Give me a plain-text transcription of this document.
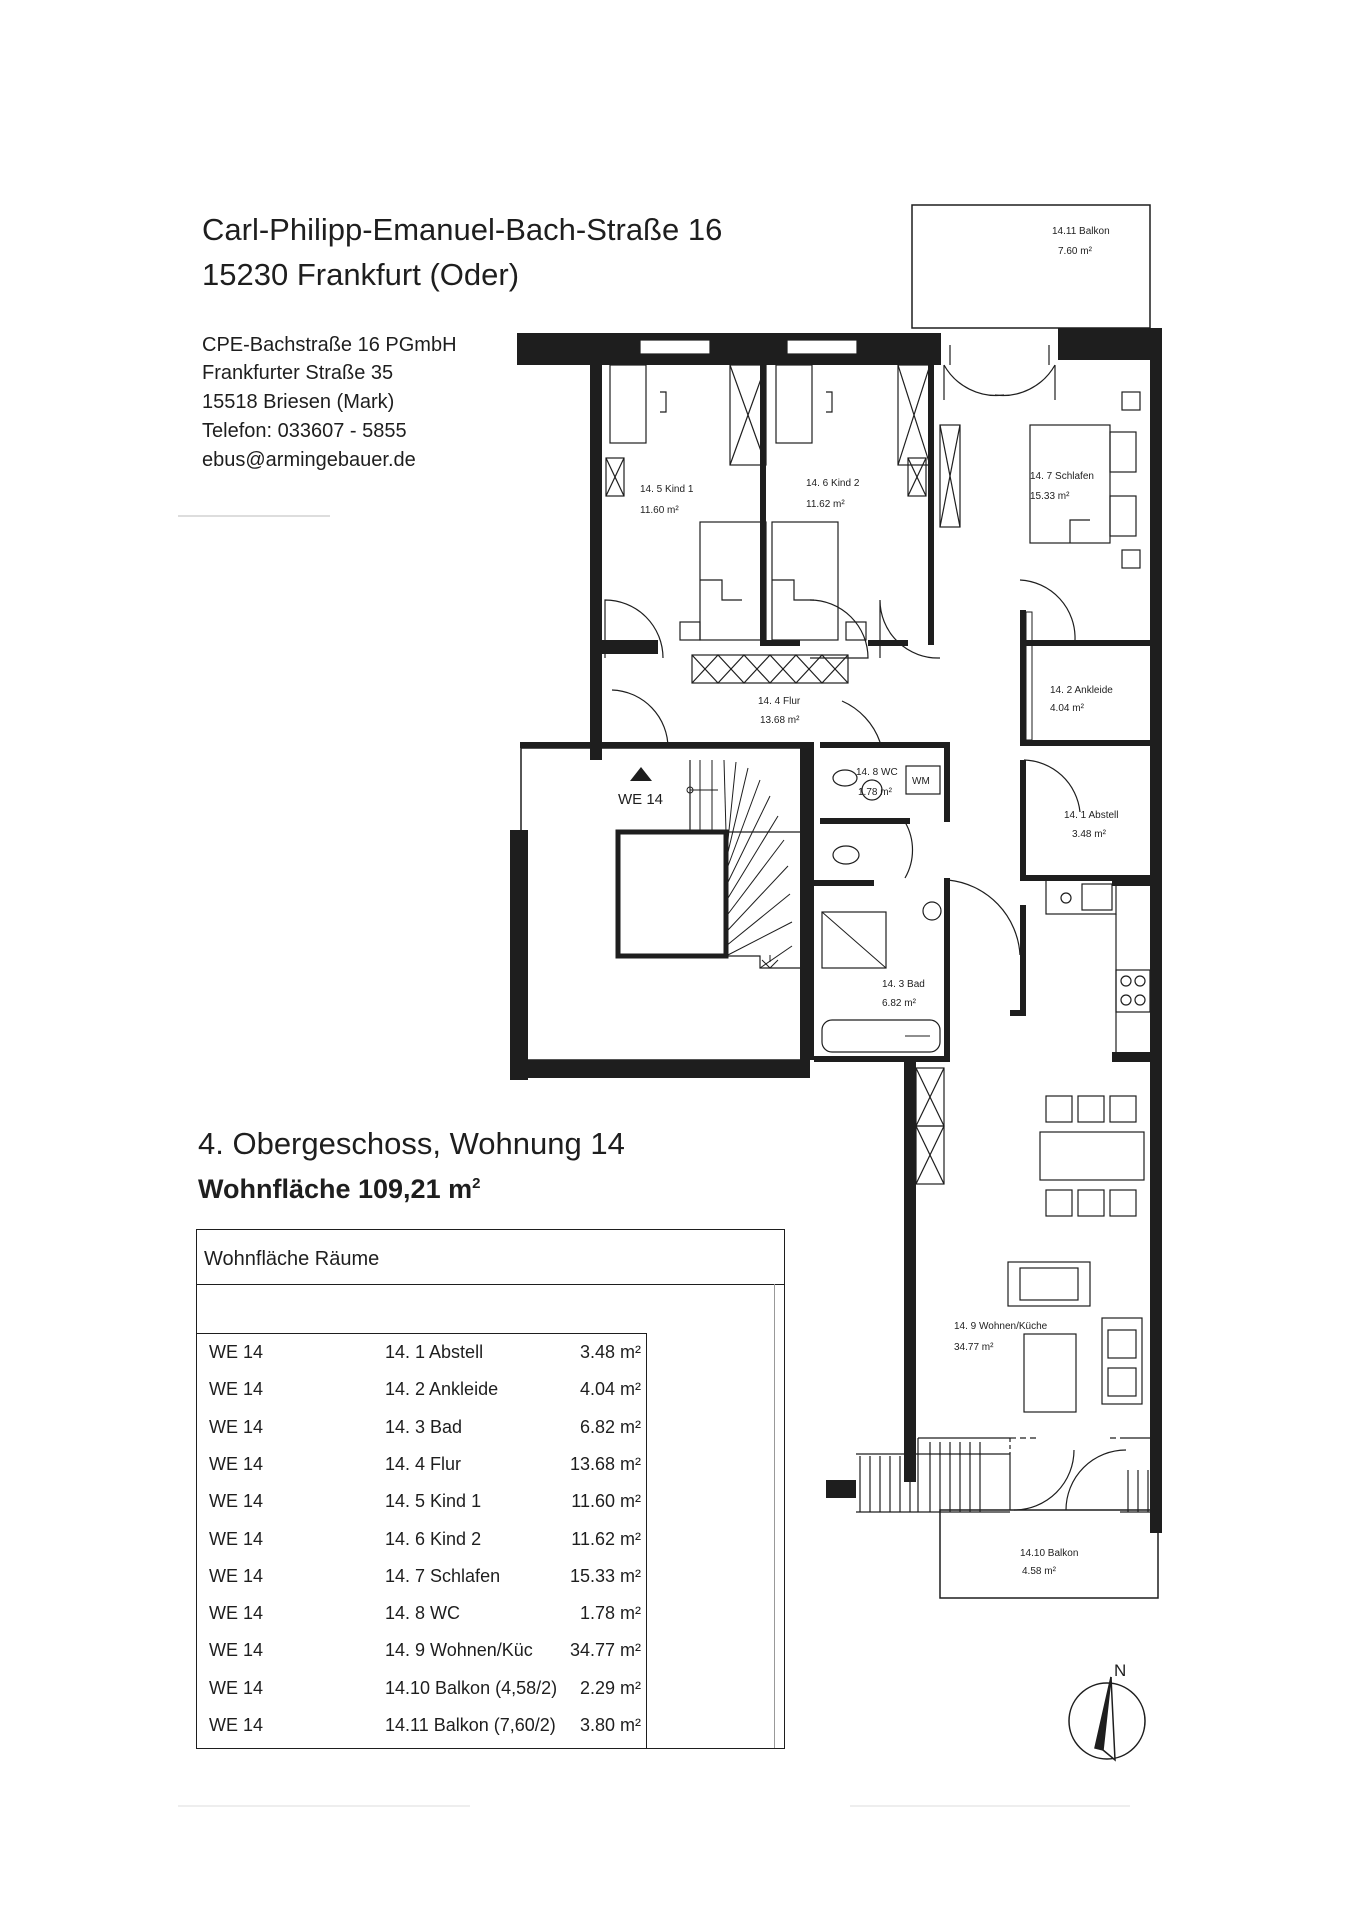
Carl-Philipp-Emanuel-Bach-Straße 16
15230 Frankfurt (Oder)
CPE-Bachstraße 16 PGmbH
Frankfurter Straße 35
15518 Briesen (Mark)
Telefon: 033607 - 5855
ebus@armingebauer.de
4. Obergeschoss, Wohnung 14
Wohnfläche 109,21 $m^2$
14.11 Balkon
7.60 m²
14. 5 Kind 1
11.60 m²
14. 6 Kind 2
11.62 m²
14. 7 Schlafen
15.33 m²
14. 2 Ankleide
4.04 m²
14. 4 Flur
13.68 m²
14. 8 WC
1.78 m²
WM
14. 1 Abstell
3.48 m²
14. 3 Bad
6.82 m²
14. 9 Wohnen/Küche
34.77 m²
14.10 Balkon
4.58 m²
WE 14
N
Wohnfläche Räume
WE 14	14. 1 Abstell	3.48 m²
WE 14	14. 2 Ankleide	4.04 m²
WE 14	14. 3 Bad	6.82 m²
WE 14	14. 4 Flur	13.68 m²
WE 14	14. 5 Kind 1	11.60 m²
WE 14	14. 6 Kind 2	11.62 m²
WE 14	14. 7 Schlafen	15.33 m²
WE 14	14. 8 WC	1.78 m²
WE 14	14. 9 Wohnen/Küc 34.77 m²
WE 14	14.10 Balkon (4,58/2) 2.29 m²
WE 14	14.11 Balkon (7,60/2) 3.80 m²
